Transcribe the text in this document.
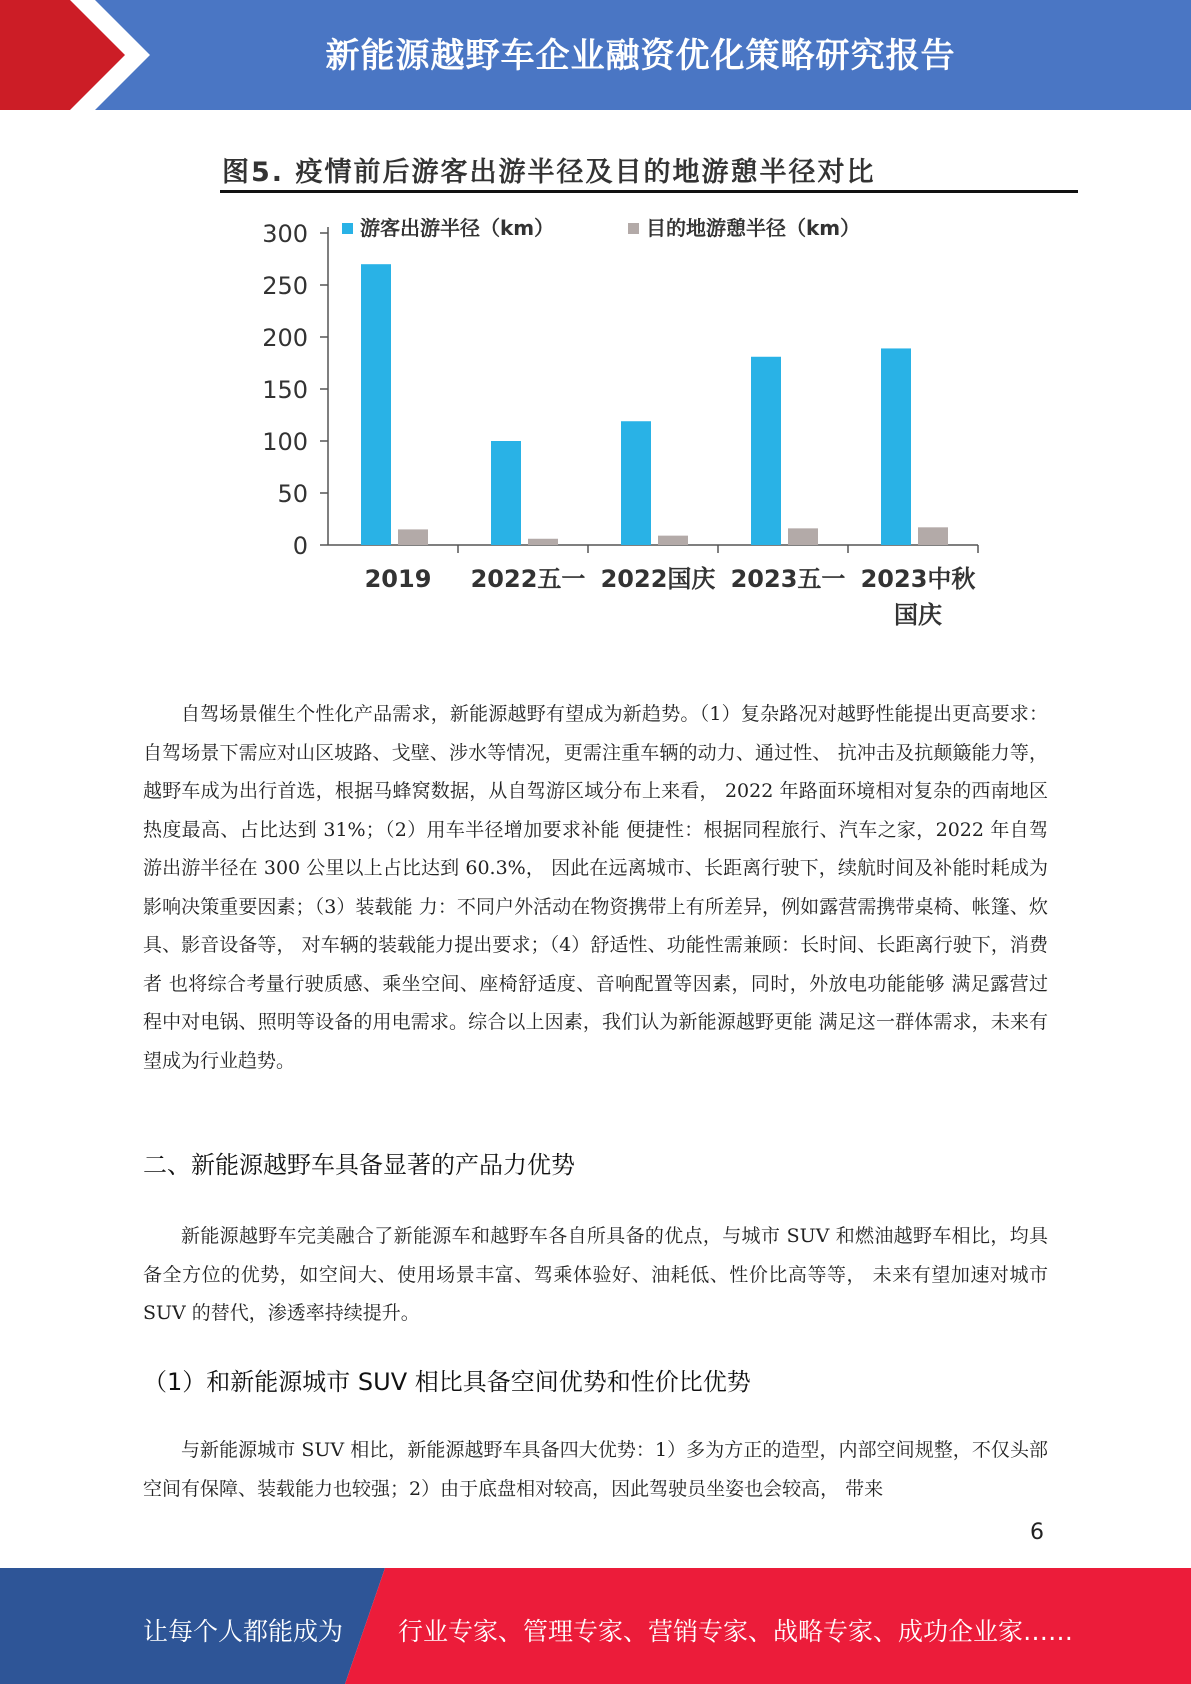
新能源越野车企业融资优化策略研究报告
图5. 疫情前后游客出游半径及目的地游憩半径对比
0
50
100
150
200
250
300
2019 2022五一 2022国庆 2023五一 2023中秋
国庆
游客出游半径（km）	目的地游憩半径（km）

自驾场景催生个性化产品需求，新能源越野有望成为新趋势。（1）复杂路况对越野性能提出更高要求：自驾场景下需应对山区坡路、戈壁、涉水等情况，更需注重车辆的动力、通过性、 抗冲击及抗颠簸能力等，越野车成为出行首选，根据马蜂窝数据，从自驾游区域分布上来看， 2022 年路面环境相对复杂的西南地区热度最高、占比达到 31%；（2）用车半径增加要求补能 便捷性：根据同程旅行、汽车之家，2022 年自驾游出游半径在 300 公里以上占比达到 60.3%， 因此在远离城市、长距离行驶下，续航时间及补能时耗成为影响决策重要因素；（3）装载能 力：不同户外活动在物资携带上有所差异，例如露营需携带桌椅、帐篷、炊具、影音设备等， 对车辆的装载能力提出要求；（4）舒适性、功能性需兼顾：长时间、长距离行驶下，消费者 也将综合考量行驶质感、乘坐空间、座椅舒适度、音响配置等因素，同时，外放电功能能够 满足露营过程中对电锅、照明等设备的用电需求。综合以上因素，我们认为新能源越野更能 满足这一群体需求，未来有望成为行业趋势。

二、新能源越野车具备显著的产品力优势

新能源越野车完美融合了新能源车和越野车各自所具备的优点，与城市 SUV 和燃油越野车相比，均具备全方位的优势，如空间大、使用场景丰富、驾乘体验好、油耗低、性价比高等等， 未来有望加速对城市 SUV 的替代，渗透率持续提升。

（1）和新能源城市 SUV 相比具备空间优势和性价比优势

与新能源城市 SUV 相比，新能源越野车具备四大优势：1）多为方正的造型，内部空间规整，不仅头部空间有保障、装载能力也较强；2）由于底盘相对较高，因此驾驶员坐姿也会较高， 带来

6
让每个人都能成为 行业专家、管理专家、营销专家、战略专家、成功企业家……
